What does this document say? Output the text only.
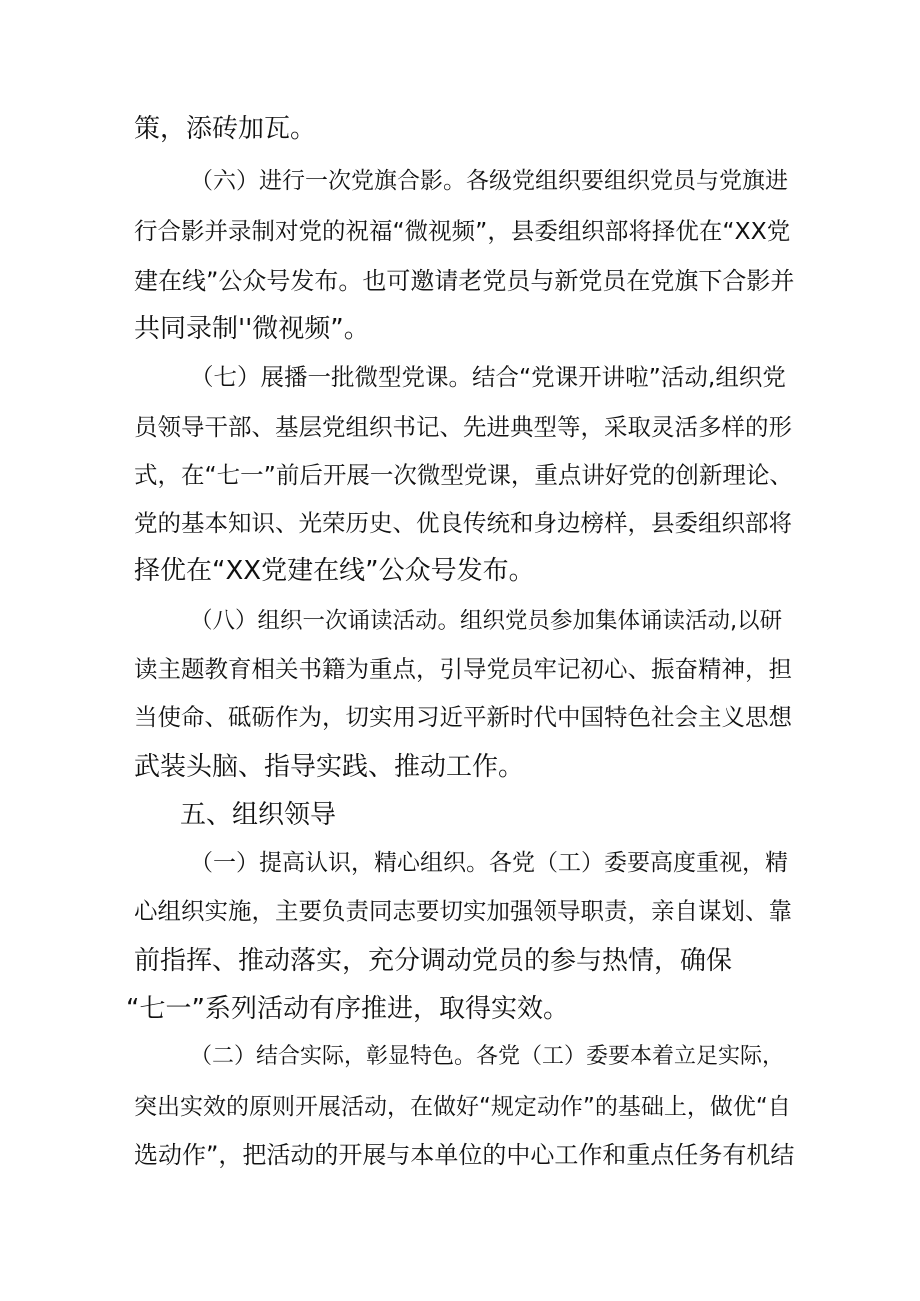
策，添砖加瓦。
（六）进行一次党旗合影。各级党组织要组织党员与党旗进
行合影并录制对党的祝福“微视频”，县委组织部将择优在“XX党
建在线”公众号发布。也可邀请老党员与新党员在党旗下合影并
共同录制''微视频”。
（七）展播一批微型党课。结合“党课开讲啦”活动,组织党
员领导干部、基层党组织书记、先进典型等，采取灵活多样的形
式，在“七一”前后开展一次微型党课，重点讲好党的创新理论、
党的基本知识、光荣历史、优良传统和身边榜样，县委组织部将
择优在“XX党建在线”公众号发布。
（八）组织一次诵读活动。组织党员参加集体诵读活动,以研
读主题教育相关书籍为重点，引导党员牢记初心、振奋精神，担
当使命、砥砺作为，切实用习近平新时代中国特色社会主义思想
武装头脑、指导实践、推动工作。
五、组织领导
（一）提高认识，精心组织。各党（工）委要高度重视，精
心组织实施，主要负责同志要切实加强领导职责，亲自谋划、靠
前指挥、推动落实，充分调动党员的参与热情，确保
“七一”系列活动有序推进，取得实效。
（二）结合实际，彰显特色。各党（工）委要本着立足实际，
突出实效的原则开展活动，在做好“规定动作”的基础上，做优“自
选动作”，把活动的开展与本单位的中心工作和重点任务有机结
